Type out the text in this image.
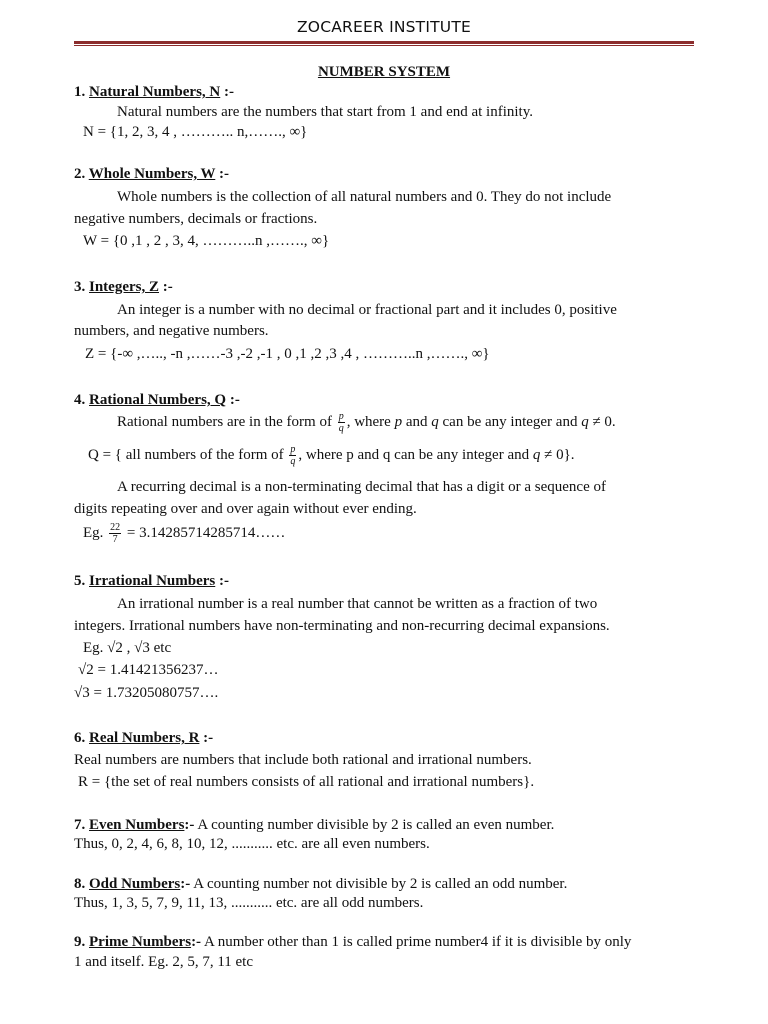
ZOCAREER INSTITUTE
NUMBER SYSTEM
1. Natural Numbers, N :-
Natural numbers are the numbers that start from 1 and end at infinity.
N = {1, 2, 3, 4 , ……….. n,……., ∞}
2. Whole Numbers, W :-
Whole numbers is the collection of all natural numbers and 0. They do not include
negative numbers, decimals or fractions.
W = {0 ,1 , 2 , 3, 4, ………..n ,……., ∞}
3. Integers, Z :-
An integer is a number with no decimal or fractional part and it includes 0, positive
numbers, and negative numbers.
Z = {-∞ ,….., -n ,……-3 ,-2 ,-1 , 0 ,1 ,2 ,3 ,4 , ………..n ,……., ∞}
4. Rational Numbers, Q :-
Rational numbers are in the form of $\frac{p}{q}$ , where p and q can be any integer and q ≠ 0.
Q = { all numbers of the form of $\frac{p}{q}$ , where p and q can be any integer and q ≠ 0}.
A recurring decimal is a non-terminating decimal that has a digit or a sequence of
digits repeating over and over again without ever ending.
Eg. $\frac{22}{7}$ = 3.14285714285714……
5. Irrational Numbers :-
An irrational number is a real number that cannot be written as a fraction of two
integers. Irrational numbers have non-terminating and non-recurring decimal expansions.
Eg. √2 , √3 etc
√2 = 1.41421356237…
√3 = 1.73205080757….
6. Real Numbers, R :-
Real numbers are numbers that include both rational and irrational numbers.
R = {the set of real numbers consists of all rational and irrational numbers}.
7. Even Numbers:- A counting number divisible by 2 is called an even number.
Thus, 0, 2, 4, 6, 8, 10, 12, ........... etc. are all even numbers.
8. Odd Numbers:- A counting number not divisible by 2 is called an odd number.
Thus, 1, 3, 5, 7, 9, 11, 13, ........... etc. are all odd numbers.
9. Prime Numbers:- A number other than 1 is called prime number4 if it is divisible by only
1 and itself. Eg. 2, 5, 7, 11 etc
